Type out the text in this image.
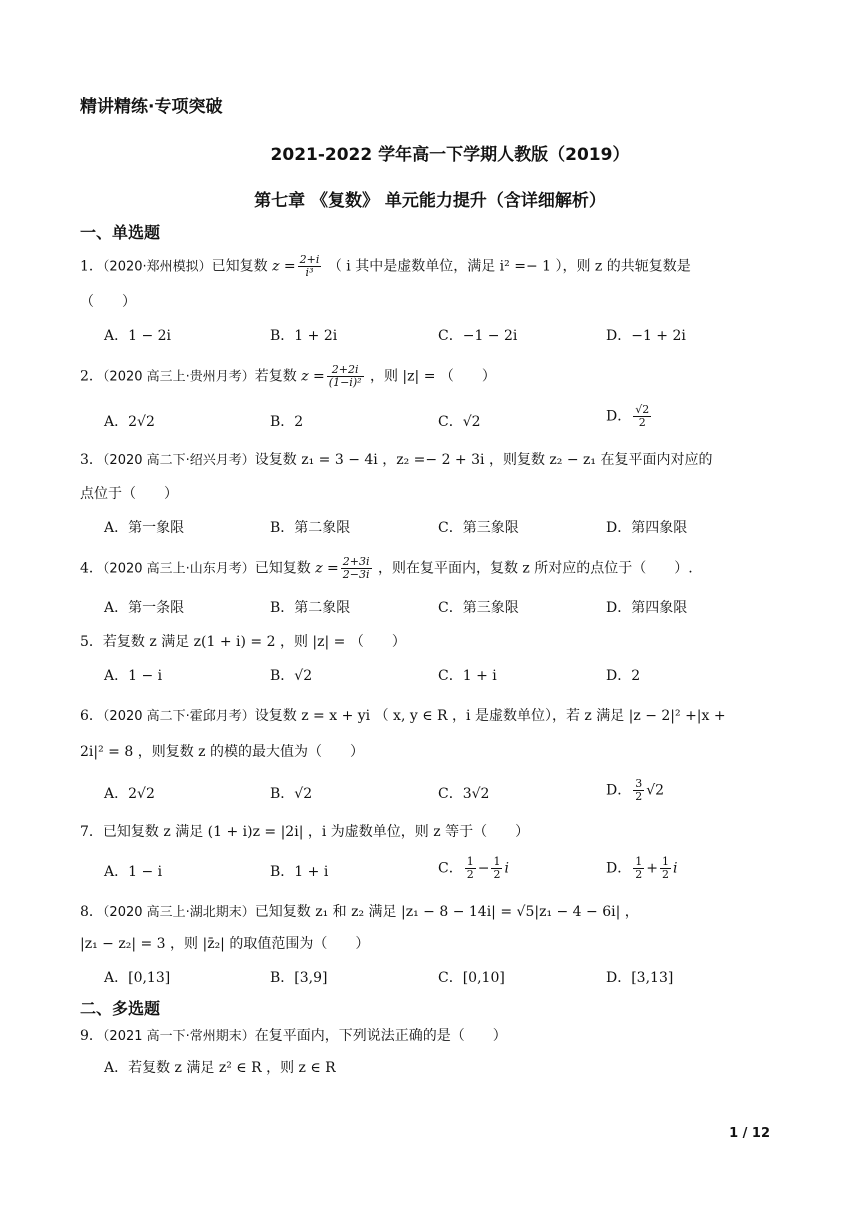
精讲精练·专项突破
2021-2022 学年高一下学期人教版（2019）
第七章 《复数》 单元能力提升（含详细解析）
一、单选题
1．（2020·郑州模拟）已知复数 $z = \frac{2+i}{\text{i³}}$ （ i 其中是虚数单位，满足 i² =− 1 ），则 z 的共轭复数是
（　　）
A．1 − 2i	B．1 + 2i	C．−1 − 2i	D．−1 + 2i
2．（2020 高三上·贵州月考）若复数 $z = \frac{2+2i}{\text{(1−i)²}}$ ，则 |z| = （　　）
A．2√2	B．2	C．√2	D． $\frac{√2}{2}$
3．（2020 高二下·绍兴月考）设复数 z₁ = 3 − 4i ，z₂ =− 2 + 3i ，则复数 z₂ − z₁ 在复平面内对应的
点位于（　　）
A．第一象限	B．第二象限	C．第三象限	D．第四象限
4．（2020 高三上·山东月考）已知复数 $z = \frac{2+3i}{2-3i}$ ，则在复平面内，复数 z 所对应的点位于（　　）.
A．第一条限	B．第二象限	C．第三象限	D．第四象限
5．若复数 z 满足 z(1 + i) = 2 ，则 |z| = （　　）
A．1 − i	B．√2	C．1 + i	D．2
6．（2020 高二下·霍邱月考）设复数 z = x + yi （ x, y ∈ R ，i 是虚数单位），若 z 满足 |z − 2|² +|x +
2i|² = 8 ，则复数 z 的模的最大值为（　　）
A．2√2	B．√2	C．3√2	D． $\frac{3}{2} √2$
7．已知复数 z 满足 (1 + i)z = |2i| ，i 为虚数单位，则 z 等于（　　）
A．1 − i	B．1 + i	C． $\frac{1}{2} - \frac{1}{2}$ i	D． $\frac{1}{2} + \frac{1}{2}$ i
8．（2020 高三上·湖北期末）已知复数 z₁ 和 z₂ 满足 |z₁ − 8 − 14i| = √5|z₁ − 4 − 6i| ，
|z₁ − z₂| = 3 ，则 |z̄₂| 的取值范围为（　　）
A．[0,13]	B．[3,9]	C．[0,10]	D．[3,13]
二、多选题
9．（2021 高一下·常州期末）在复平面内，下列说法正确的是（　　）
A．若复数 z 满足 z² ∈ R ，则 z ∈ R
1 / 12
